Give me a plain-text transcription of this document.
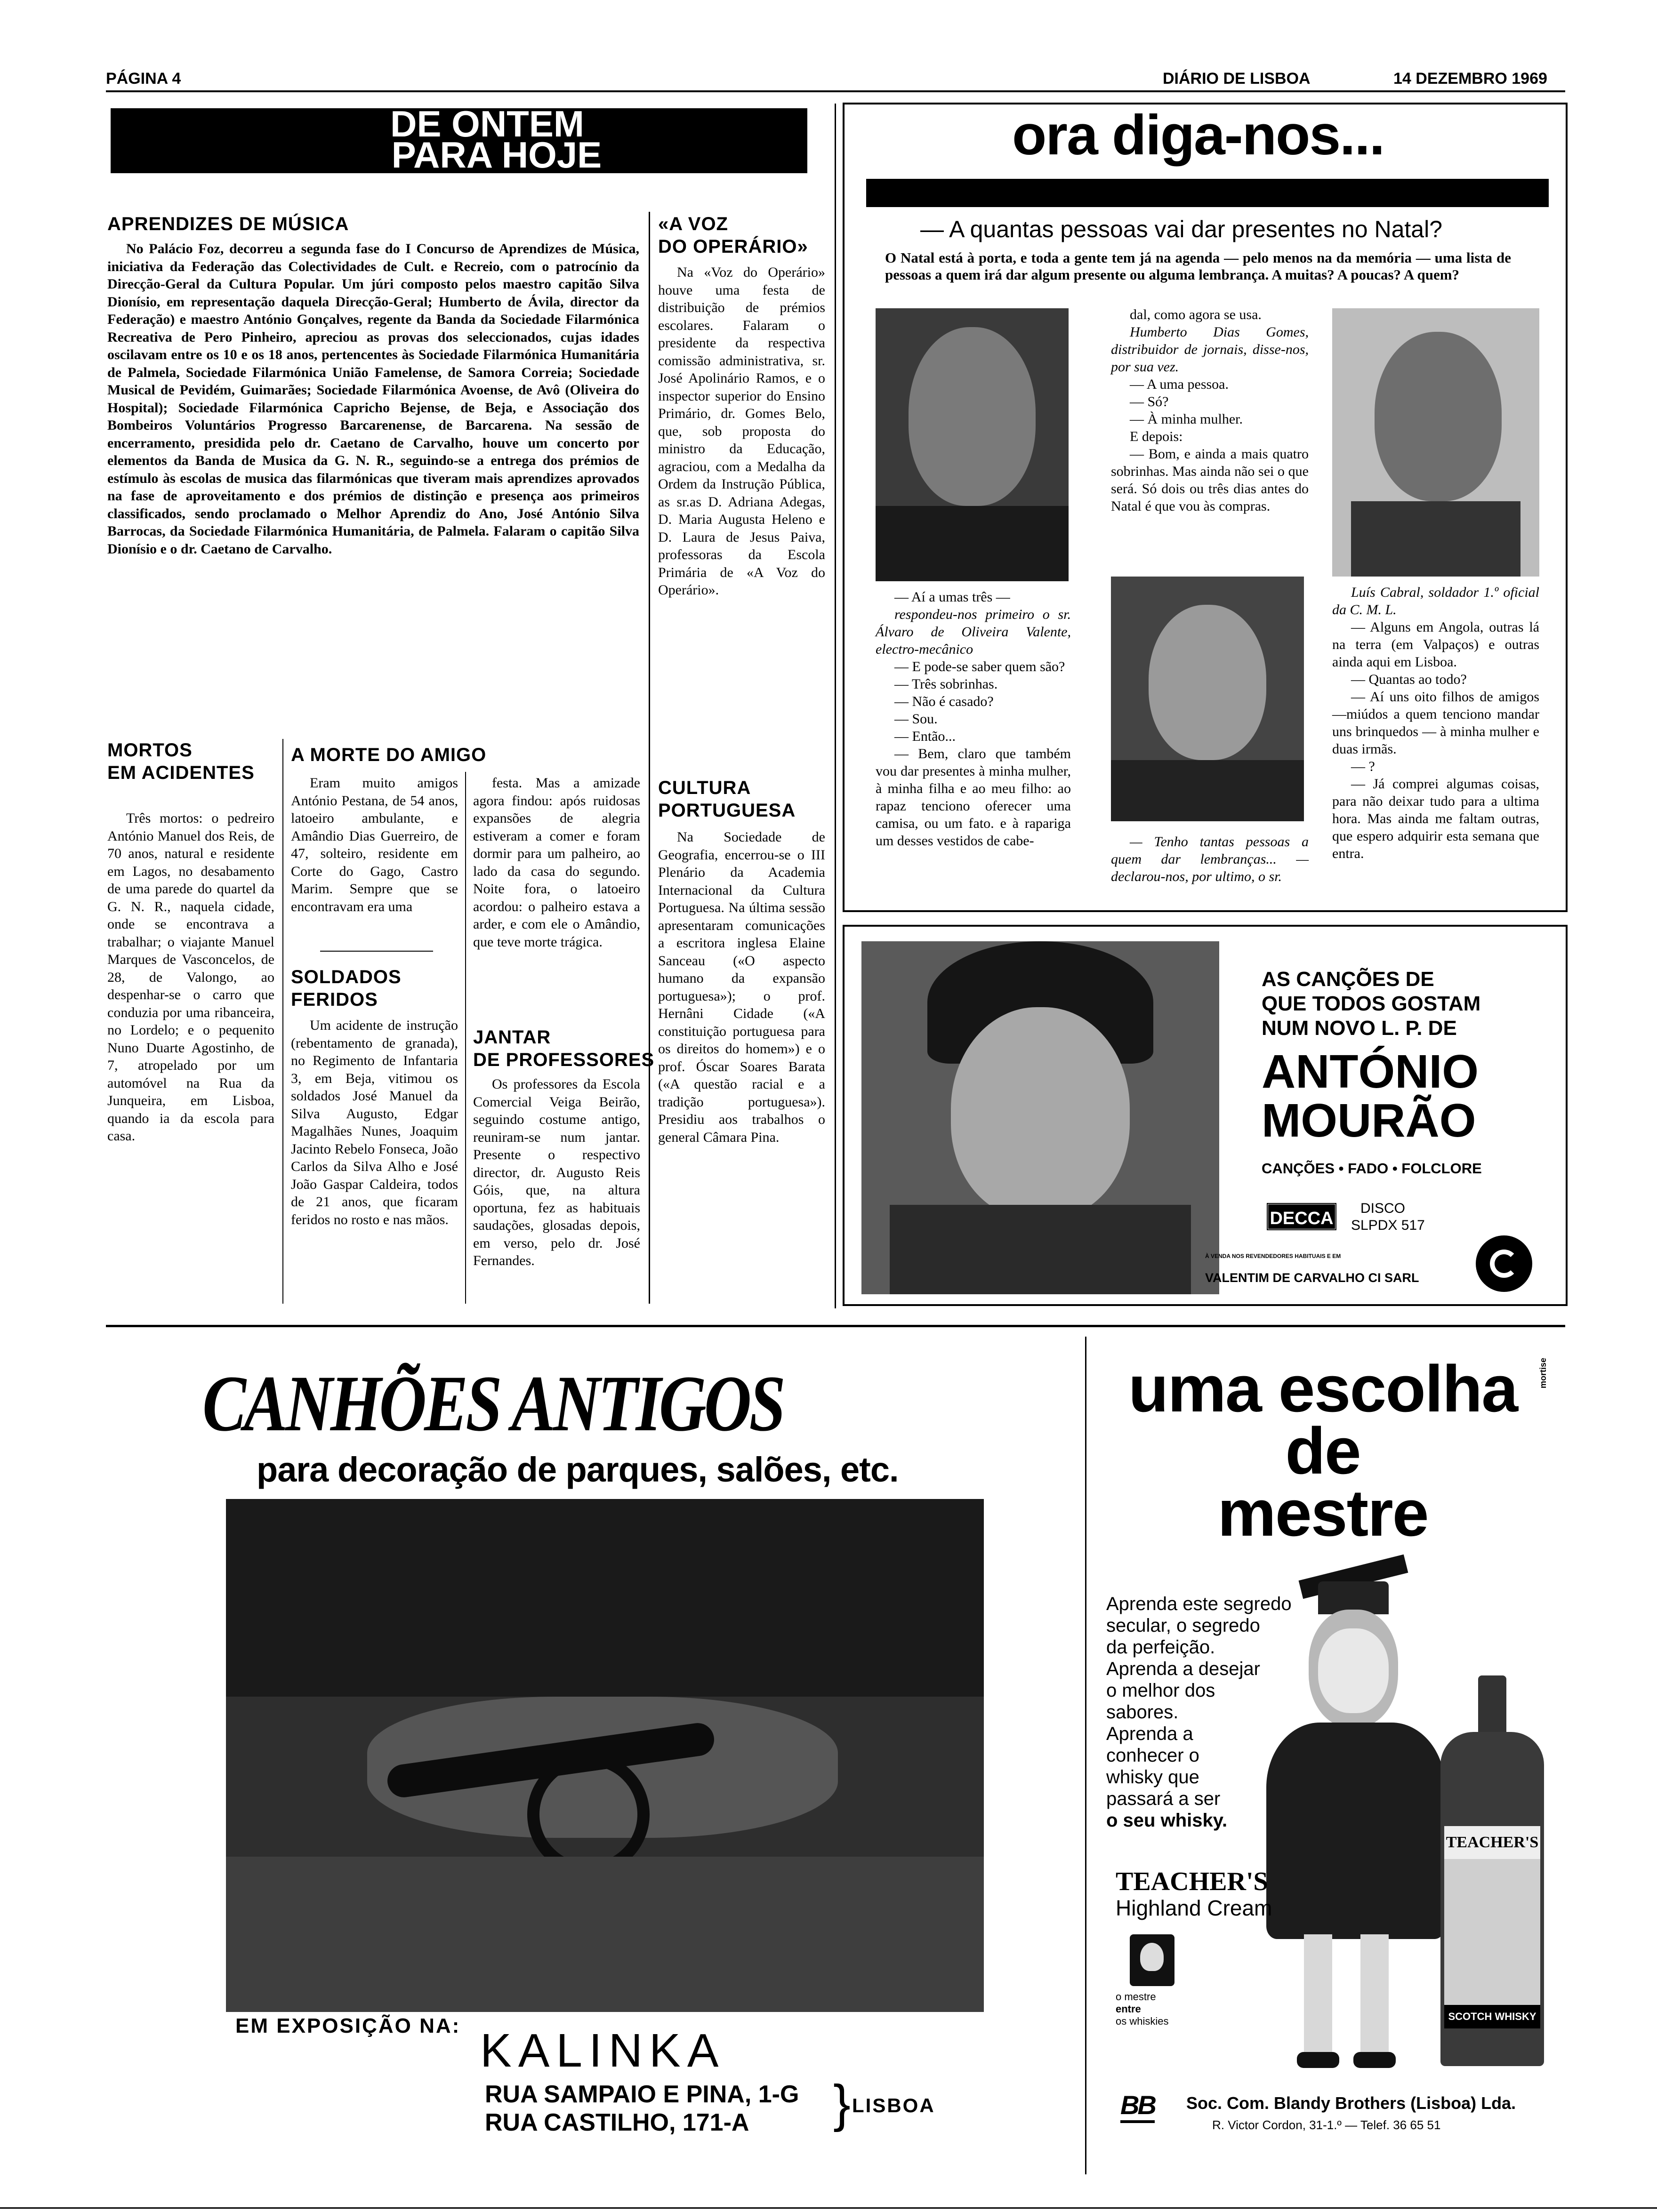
PÁGINA 4	DIÁRIO DE LISBOA	14 DEZEMBRO 1969
DE ONTEM
PARA HOJE
APRENDIZES DE MÚSICA

No Palácio Foz, decorreu a segunda fase do I Concurso de Aprendizes de Música, iniciativa da Federação das Colectividades de Cult. e Recreio, com o patrocínio da Direcção-Geral da Cultura Popular. Um júri composto pelos maestro capitão Silva Dionísio, em representação daquela Direcção-Geral; Humberto de Ávila, director da Federação) e maestro António Gonçalves, regente da Banda da Sociedade Filarmónica Recreativa de Pero Pinheiro, apreciou as provas dos seleccionados, cujas idades oscilavam entre os 10 e os 18 anos, pertencentes às Sociedade Filarmónica Humanitária de Palmela, Sociedade Filarmónica União Famelense, de Samora Correia; Sociedade Musical de Pevidém, Guimarães; Sociedade Filarmónica Avoense, de Avô (Oliveira do Hospital); Sociedade Filarmónica Capricho Bejense, de Beja, e Associação dos Bombeiros Voluntários Progresso Barcarenense, de Barcarena. Na sessão de encerramento, presidida pelo dr. Caetano de Carvalho, houve um concerto por elementos da Banda de Musica da G. N. R., seguindo-se a entrega dos prémios de estímulo às escolas de musica das filarmónicas que tiveram mais aprendizes aprovados na fase de aproveitamento e dos prémios de distinção e presença aos primeiros classificados, sendo proclamado o Melhor Aprendiz do Ano, José António Silva Barrocas, da Sociedade Filarmónica Humanitária, de Palmela. Falaram o capitão Silva Dionísio e o dr. Caetano de Carvalho.

«A VOZ
DO OPERÁRIO»

Na «Voz do Operário» houve uma festa de distribuição de prémios escolares. Falaram o presidente da respectiva comissão administrativa, sr. José Apolinário Ramos, e o inspector superior do Ensino Primário, dr. Gomes Belo, que, sob proposta do ministro da Educação, agraciou, com a Medalha da Ordem da Instrução Pública, as sr.as D. Adriana Adegas, D. Maria Augusta Heleno e D. Laura de Jesus Paiva, professoras da Escola Primária de «A Voz do Operário».

CULTURA
PORTUGUESA

Na Sociedade de Geografia, encerrou-se o III Plenário da Academia Internacional da Cultura Portuguesa. Na última sessão apresentaram comunicações a escritora inglesa Elaine Sanceau («O aspecto humano da expansão portuguesa»); o prof. Hernâni Cidade («A constituição portuguesa para os direitos do homem») e o prof. Óscar Soares Barata («A questão racial e a tradição portuguesa»). Presidiu aos trabalhos o general Câmara Pina.

MORTOS
EM ACIDENTES

Três mortos: o pedreiro António Manuel dos Reis, de 70 anos, natural e residente em Lagos, no desabamento de uma parede do quartel da G. N. R., naquela cidade, onde se encontrava a trabalhar; o viajante Manuel Marques de Vasconcelos, de 28, de Valongo, ao despenhar-se o carro que conduzia por uma ribanceira, no Lordelo; e o pequenito Nuno Duarte Agostinho, de 7, atropelado por um automóvel na Rua da Junqueira, em Lisboa, quando ia da escola para casa.

A MORTE DO AMIGO

Eram muito amigos António Pestana, de 54 anos, latoeiro ambulante, e Amândio Dias Guerreiro, de 47, solteiro, residente em Corte do Gago, Castro Marim. Sempre que se encontravam era uma

festa. Mas a amizade agora findou: após ruidosas expansões de alegria estiveram a comer e foram dormir para um palheiro, ao lado da casa do segundo. Noite fora, o latoeiro acordou: o palheiro estava a arder, e com ele o Amândio, que teve morte trágica.

SOLDADOS
FERIDOS

Um acidente de instrução (rebentamento de granada), no Regimento de Infantaria 3, em Beja, vitimou os soldados José Manuel da Silva Augusto, Edgar Magalhães Nunes, Joaquim Jacinto Rebelo Fonseca, João Carlos da Silva Alho e José João Gaspar Caldeira, todos de 21 anos, que ficaram feridos no rosto e nas mãos.

JANTAR
DE PROFESSORES

Os professores da Escola Comercial Veiga Beirão, seguindo costume antigo, reuniram-se num jantar. Presente o respectivo director, dr. Augusto Reis Góis, que, na altura oportuna, fez as habituais saudações, glosadas depois, em verso, pelo dr. José Fernandes.

ora diga-nos...
— A quantas pessoas vai dar presentes no Natal?
O Natal está à porta, e toda a gente tem já na agenda — pelo menos na da memória — uma lista de pessoas a quem irá dar algum presente ou alguma lembrança. A muitas? A poucas? A quem?

— Aí a umas três —

respondeu-nos primeiro o sr. Álvaro de Oliveira Valente, electro-mecânico

— E pode-se saber quem são?

— Três sobrinhas.

— Não é casado?

— Sou.

— Então...

— Bem, claro que também vou dar presentes à minha mulher, à minha filha e ao meu filho: ao rapaz tenciono oferecer uma camisa, ou um fato. e à rapariga um desses vestidos de cabe-

dal, como agora se usa.

Humberto Dias Gomes, distribuidor de jornais, disse-nos, por sua vez.

— A uma pessoa.

— Só?

— À minha mulher.

E depois:

— Bom, e ainda a mais quatro sobrinhas. Mas ainda não sei o que será. Só dois ou três dias antes do Natal é que vou às compras.

— Tenho tantas pessoas a quem dar lembranças... — declarou-nos, por ultimo, o sr.

Luís Cabral, soldador 1.º oficial da C. M. L.

— Alguns em Angola, outras lá na terra (em Valpaços) e outras ainda aqui em Lisboa.

— Quantas ao todo?

— Aí uns oito filhos de amigos—miúdos a quem tenciono mandar uns brinquedos — à minha mulher e duas irmãs.

— ?

— Já comprei algumas coisas, para não deixar tudo para a ultima hora. Mas ainda me faltam outras, que espero adquirir esta semana que entra.

AS CANÇÕES DE
QUE TODOS GOSTAM
NUM NOVO L. P. DE
ANTÓNIO
MOURÃO
CANÇÕES • FADO • FOLCLORE
DECCA
DISCO
SLPDX 517
À VENDA NOS REVENDEDORES HABITUAIS E EM
VALENTIM DE CARVALHO CI SARL
CANHÕES ANTIGOS
para decoração de parques, salões, etc.
EM EXPOSIÇÃO NA: KALINKA
RUA SAMPAIO E PINA, 1-G
RUA CASTILHO, 171-A
LISBOA
}
uma escolha
de
mestre
mortise
Aprenda este segredo
secular, o segredo
da perfeição.
Aprenda a desejar
o melhor dos
sabores.
Aprenda a
conhecer o
whisky que
passará a ser
o seu whisky.
TEACHER'S
SCOTCH WHISKY
TEACHER'S
Highland Cream
o mestre
entre
os whiskies
BB Soc. Com. Blandy Brothers (Lisboa) Lda.
R. Victor Cordon, 31-1.º — Telef. 36 65 51
